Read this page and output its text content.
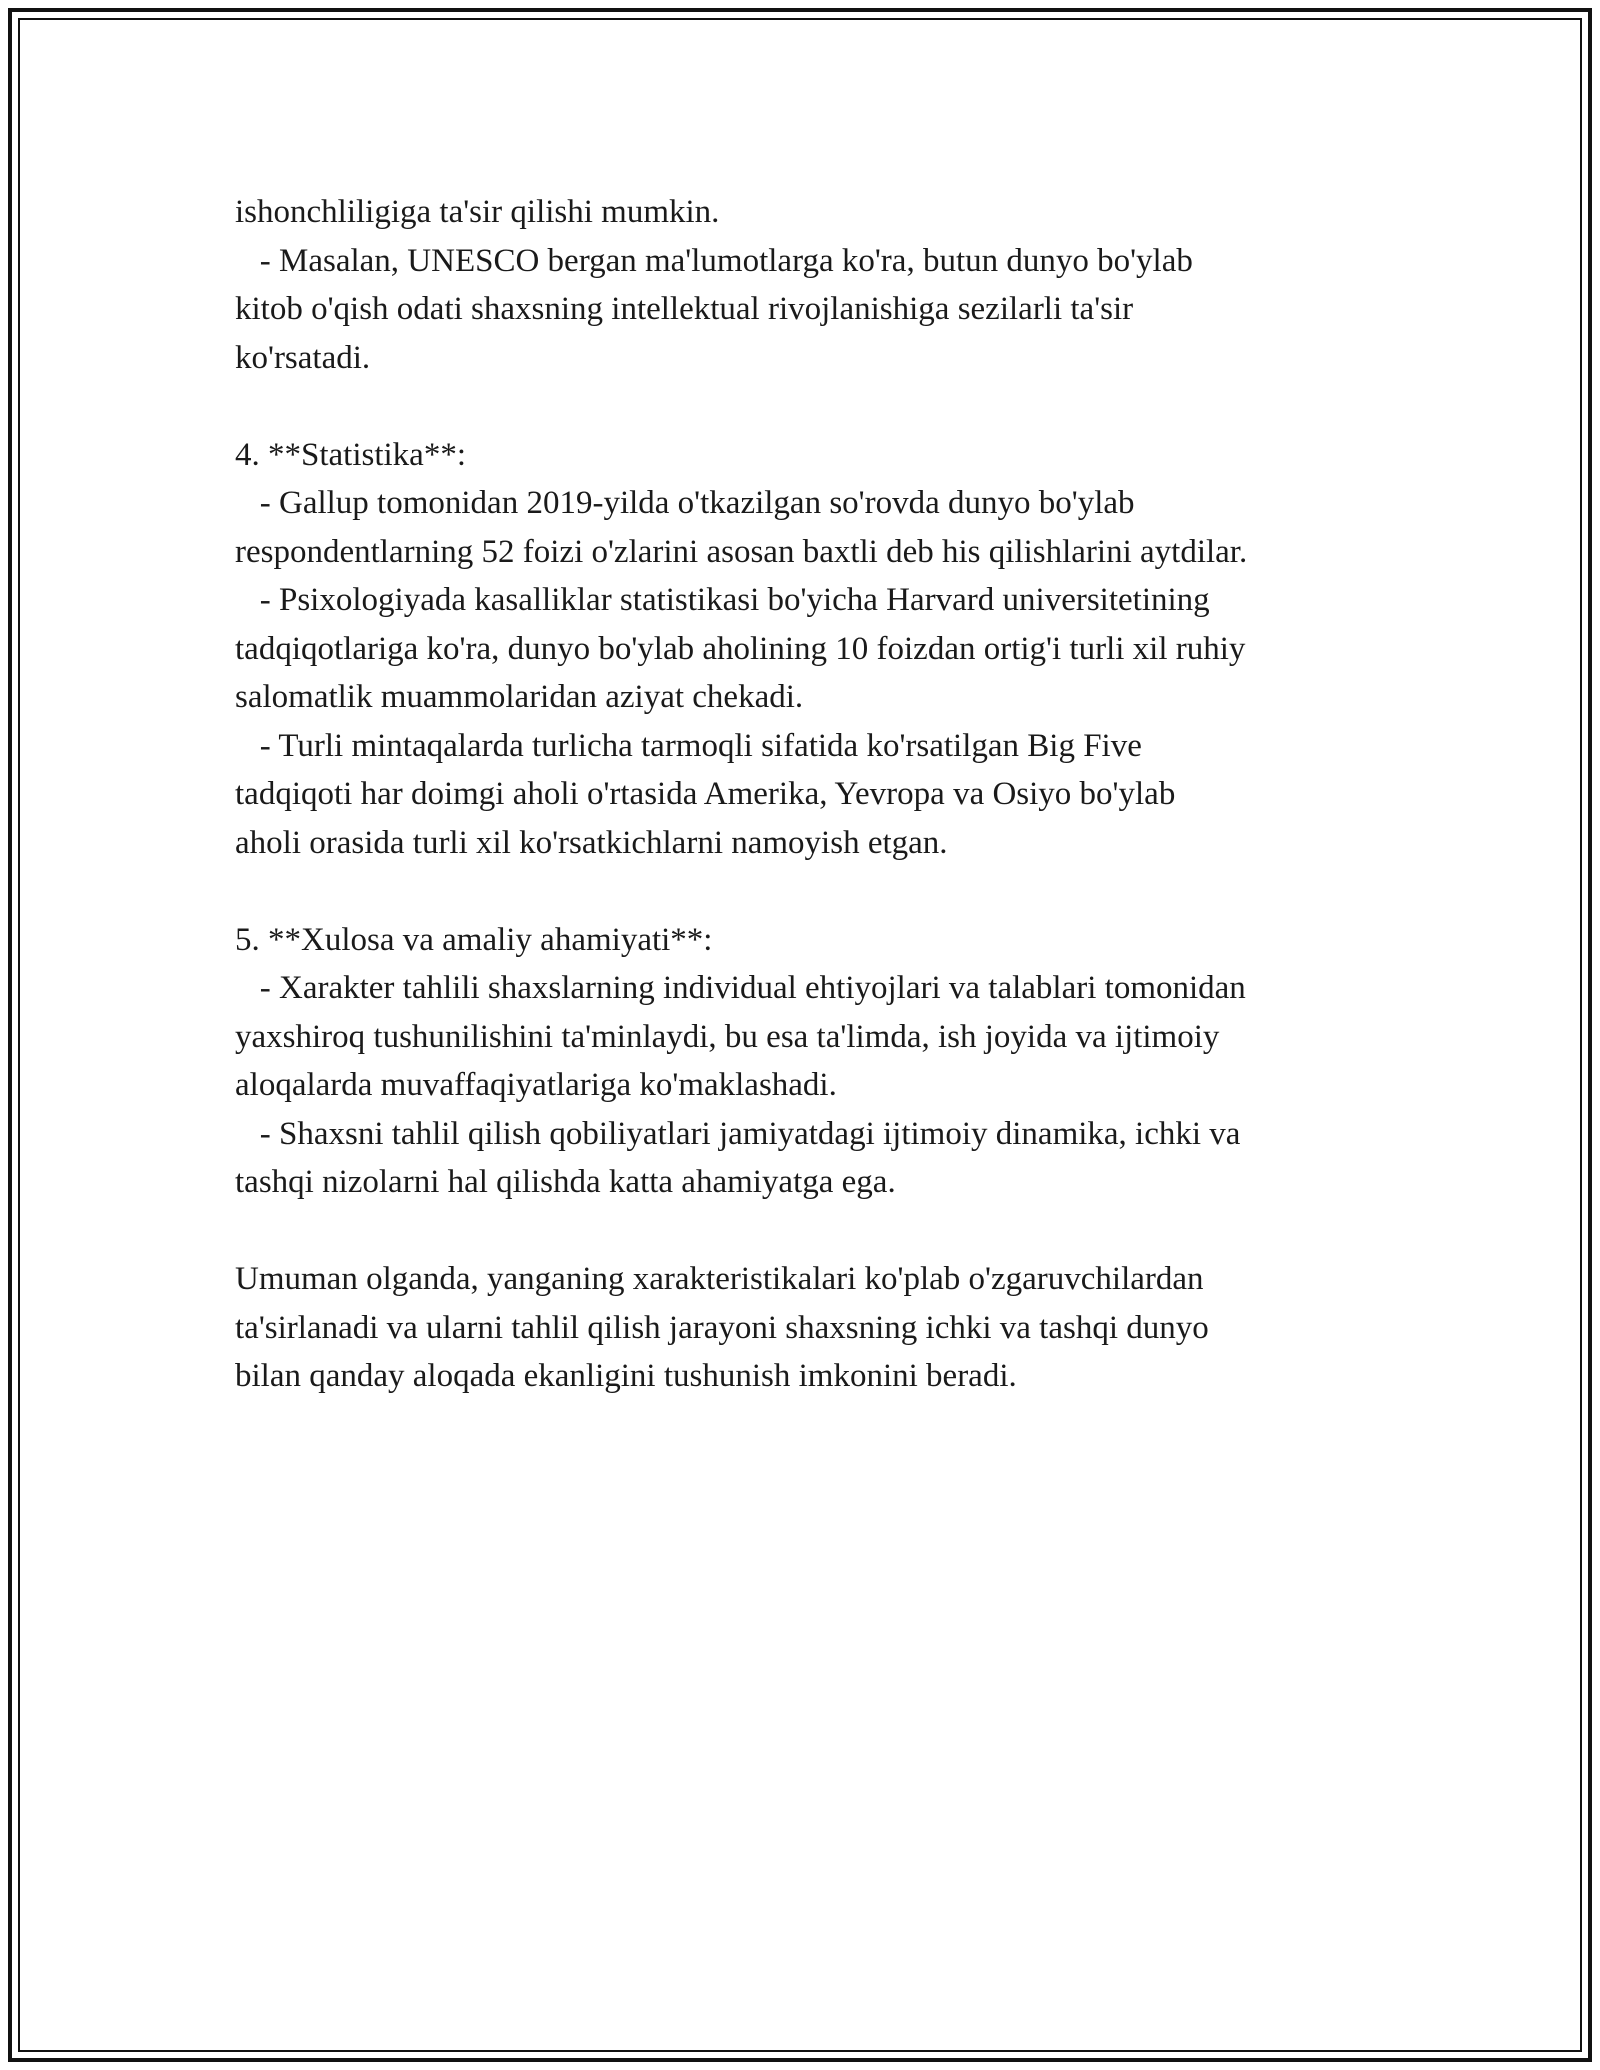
ishonchliligiga ta'sir qilishi mumkin.

- Masalan, UNESCO bergan ma'lumotlarga ko'ra, butun dunyo bo'ylab

kitob o'qish odati shaxsning intellektual rivojlanishiga sezilarli ta'sir

ko'rsatadi.

4. **Statistika**:

- Gallup tomonidan 2019-yilda o'tkazilgan so'rovda dunyo bo'ylab

respondentlarning 52 foizi o'zlarini asosan baxtli deb his qilishlarini aytdilar.

- Psixologiyada kasalliklar statistikasi bo'yicha Harvard universitetining

tadqiqotlariga ko'ra, dunyo bo'ylab aholining 10 foizdan ortig'i turli xil ruhiy

salomatlik muammolaridan aziyat chekadi.

- Turli mintaqalarda turlicha tarmoqli sifatida ko'rsatilgan Big Five

tadqiqoti har doimgi aholi o'rtasida Amerika, Yevropa va Osiyo bo'ylab

aholi orasida turli xil ko'rsatkichlarni namoyish etgan.

5. **Xulosa va amaliy ahamiyati**:

- Xarakter tahlili shaxslarning individual ehtiyojlari va talablari tomonidan

yaxshiroq tushunilishini ta'minlaydi, bu esa ta'limda, ish joyida va ijtimoiy

aloqalarda muvaffaqiyatlariga ko'maklashadi.

- Shaxsni tahlil qilish qobiliyatlari jamiyatdagi ijtimoiy dinamika, ichki va

tashqi nizolarni hal qilishda katta ahamiyatga ega.

Umuman olganda, yanganing xarakteristikalari ko'plab o'zgaruvchilardan

ta'sirlanadi va ularni tahlil qilish jarayoni shaxsning ichki va tashqi dunyo

bilan qanday aloqada ekanligini tushunish imkonini beradi.
